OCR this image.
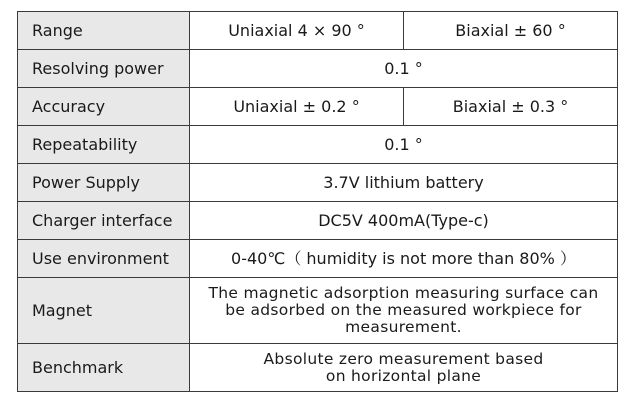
Range	Uniaxial 4 × 90 °	Biaxial ± 60 °
Resolving power	0.1 °	
Accuracy	Uniaxial ± 0.2 °	Biaxial ± 0.3 °
Repeatability	0.1 °	
Power Supply	3.7V lithium battery	
Charger interface	DC5V 400mA(Type-c)	
Use environment	0-40℃（ humidity is not more than 80% ）	
Magnet	The magnetic adsorption measuring surface can be adsorbed on the measured workpiece for measurement.	
Benchmark	Absolute zero measurement based on horizontal plane	
